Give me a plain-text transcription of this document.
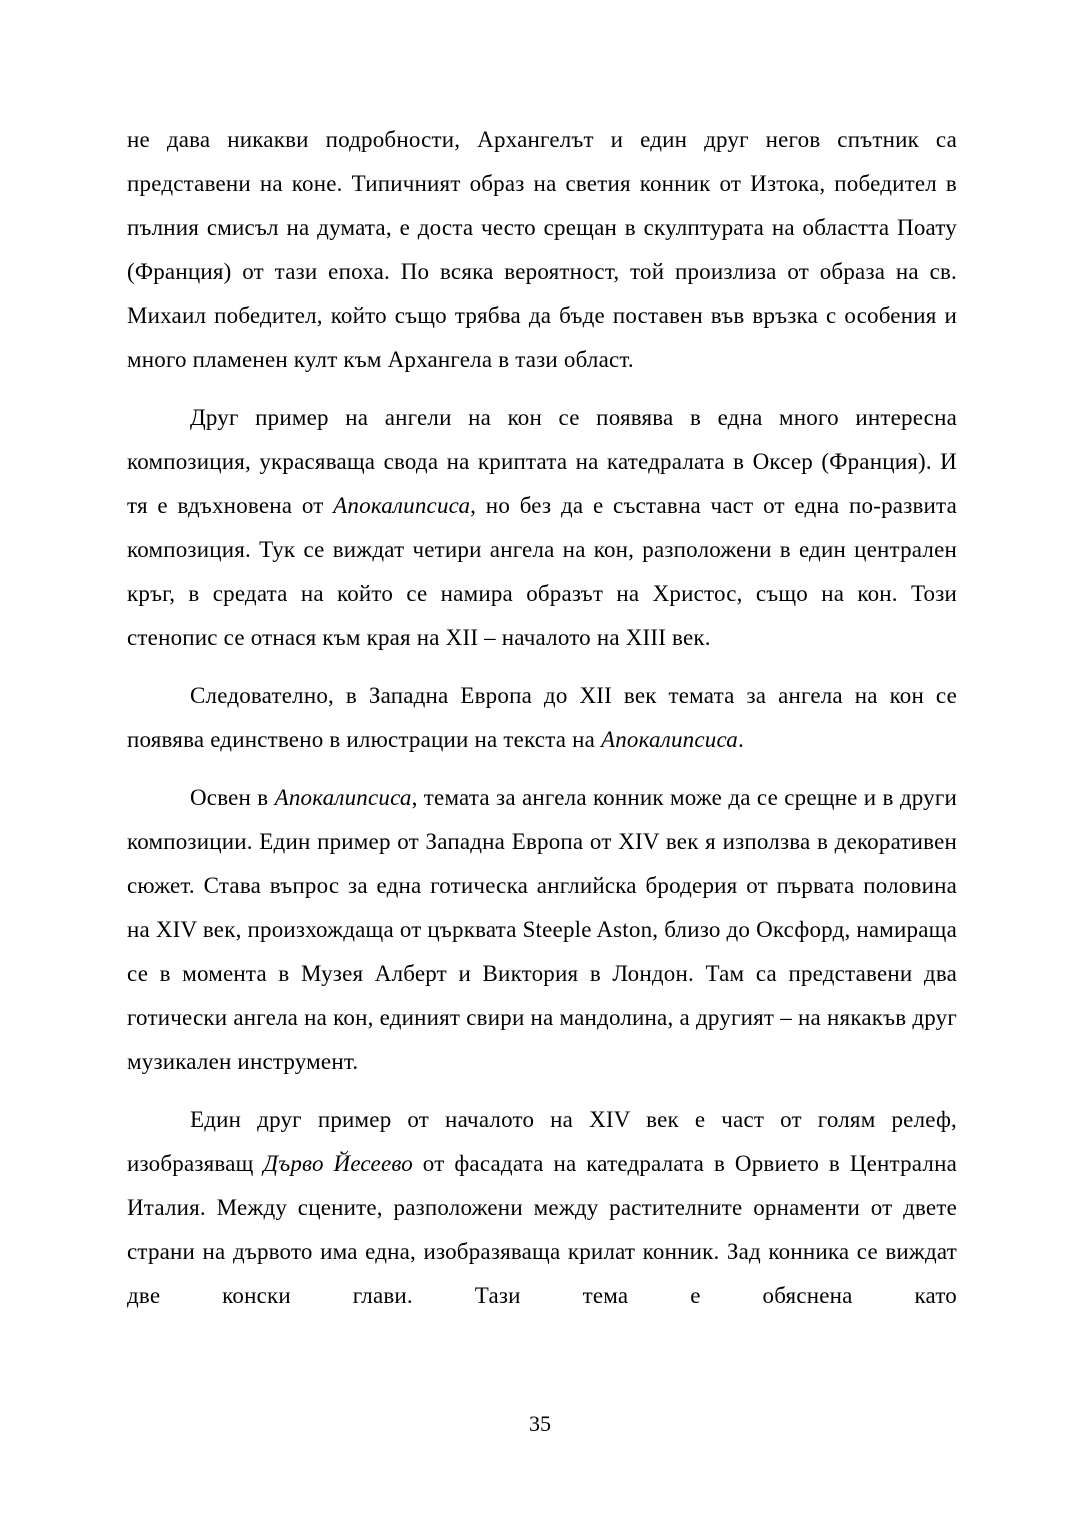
не дава никакви подробности, Архангелът и един друг негов спътник са представени на коне. Типичният образ на светия конник от Изтока, победител в пълния смисъл на думата, е доста често срещан в скулптурата на областта Поату (Франция) от тази епоха. По всяка вероятност, той произлиза от образа на св. Михаил победител, който също трябва да бъде поставен във връзка с особения и много пламенен култ към Архангела в тази област.

Друг пример на ангели на кон се появява в една много интересна композиция, украсяваща свода на криптата на катедралата в Оксер (Франция). И тя е вдъхновена от Апокалипсиса, но без да е съставна част от една по-развита композиция. Тук се виждат четири ангела на кон, разположени в един централен кръг, в средата на който се намира образът на Христос, също на кон. Този стенопис се отнася към края на XII – началото на XIII век.

Следователно, в Западна Европа до XII век темата за ангела на кон се появява единствено в илюстрации на текста на Апокалипсиса.

Освен в Апокалипсиса, темата за ангела конник може да се срещне и в други композиции. Един пример от Западна Европа от XIV век я използва в декоративен сюжет. Става въпрос за една готическа английска бродерия от първата половина на XIV век, произхождаща от църквата Steeple Aston, близо до Оксфорд, намираща се в момента в Музея Алберт и Виктория в Лондон. Там са представени два готически ангела на кон, единият свири на мандолина, а другият – на някакъв друг музикален инструмент.

Един друг пример от началото на XIV век е част от голям релеф, изобразяващ Дърво Йесеево от фасадата на катедралата в Орвието в Централна Италия. Между сцените, разположени между растителните орнаменти от двете страни на дървото има една, изобразяваща крилат конник. Зад конника се виждат две конски глави. Тази тема е обяснена като

35
